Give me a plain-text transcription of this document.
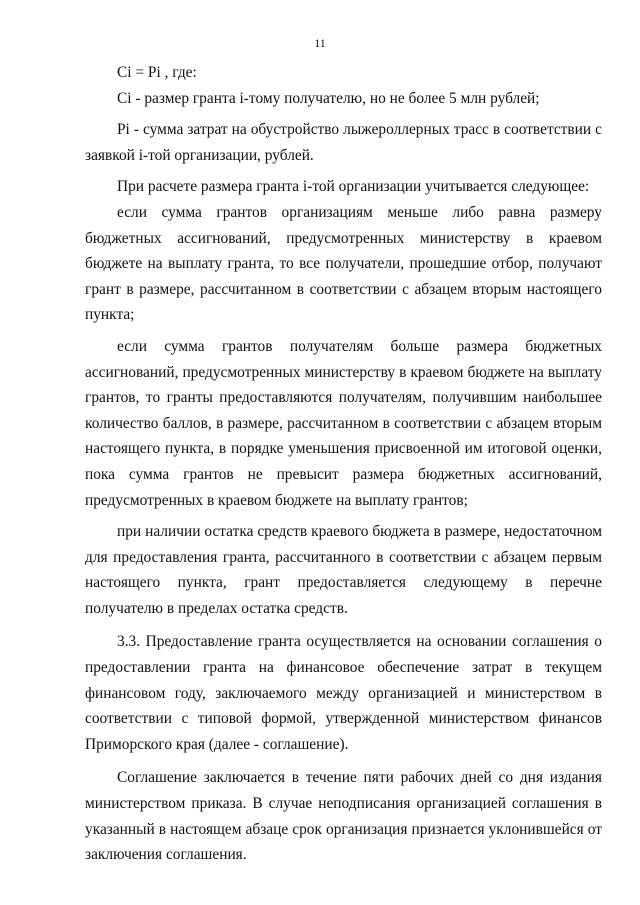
11

Ci = Pi , где:

Ci - размер гранта i-тому получателю, но не более 5 млн рублей;

Pi - сумма затрат на обустройство лыжероллерных трасс в соответствии с заявкой i-той организации, рублей.

При расчете размера гранта i-той организации учитывается следующее:

если сумма грантов организациям меньше либо равна размеру бюджетных ассигнований, предусмотренных министерству в краевом бюджете на выплату гранта, то все получатели, прошедшие отбор, получают грант в размере, рассчитанном в соответствии с абзацем вторым настоящего пункта;

если сумма грантов получателям больше размера бюджетных ассигнований, предусмотренных министерству в краевом бюджете на выплату грантов, то гранты предоставляются получателям, получившим наибольшее количество баллов, в размере, рассчитанном в соответствии с абзацем вторым настоящего пункта, в порядке уменьшения присвоенной им итоговой оценки, пока сумма грантов не превысит размера бюджетных ассигнований, предусмотренных в краевом бюджете на выплату грантов;

при наличии остатка средств краевого бюджета в размере, недостаточном для предоставления гранта, рассчитанного в соответствии с абзацем первым настоящего пункта, грант предоставляется следующему в перечне получателю в пределах остатка средств.

3.3. Предоставление гранта осуществляется на основании соглашения о предоставлении гранта на финансовое обеспечение затрат в текущем финансовом году, заключаемого между организацией и министерством в соответствии с типовой формой, утвержденной министерством финансов Приморского края (далее - соглашение).

Соглашение заключается в течение пяти рабочих дней со дня издания министерством приказа. В случае неподписания организацией соглашения в указанный в настоящем абзаце срок организация признается уклонившейся от заключения соглашения.
